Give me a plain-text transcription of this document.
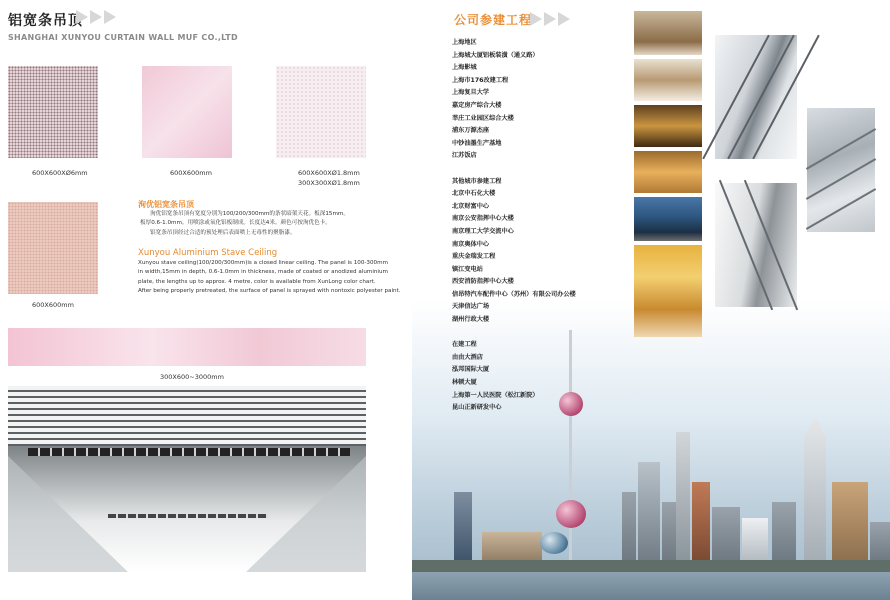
铝宽条吊顶
SHANGHAI XUNYOU CURTAIN WALL MUF CO.,LTD
600X600XØ6mm	600X600mm	600X600XØ1.8mm
300X300XØ1.8mm
600X600mm
300X600~3000mm
洵优铝宽条吊顶
洵优铝宽条吊顶有宽度分别为100/200/300mm的条状暗架天花。板深15mm。
板厚0.6-1.0mm。用喷涂或氧化铝板制成。长度达4米。颜色可按洵优色卡。
铝宽条吊顶经过合适的预处理后表面喷上无毒性的聚脂漆。
Xunyou Aluminium Stave Ceiling
Xunyou stave ceiling(100/200/300mm)is a closed linear ceiling. The panel is 100-300mm
in width,15mm in depth, 0.6-1.0mm in thickness, made of coated or anodized aluminium
plate, the lengths up to approx. 4 metre, color is available from XunLong color chart.
After being properly pretreated, the surface of panel is sprayed with nontoxic polyester paint.
公司参建工程
上海地区
上海城大厦铝板装潢（通义路）
上海影城
上海市176改建工程
上海复旦大学
嘉定房产综合大楼
莘庄工业园区综合大楼
浦东万源杰座
中钞油墨生产基地
江苏饭店
其他城市参建工程
北京中石化大楼
北京财富中心
南京公安指挥中心大楼
南京理工大学交流中心
南京奥体中心
重庆金瑞发工程
镇江变电站
西安消防指挥中心大楼
信昂特汽车配件中心（苏州）有限公司办公楼
天津信达广场
湖州行政大楼
在建工程
由由大酒店
泓邦国际大厦
林顿大厦
上海第一人民医院（松江新院）
昆山正新研发中心
